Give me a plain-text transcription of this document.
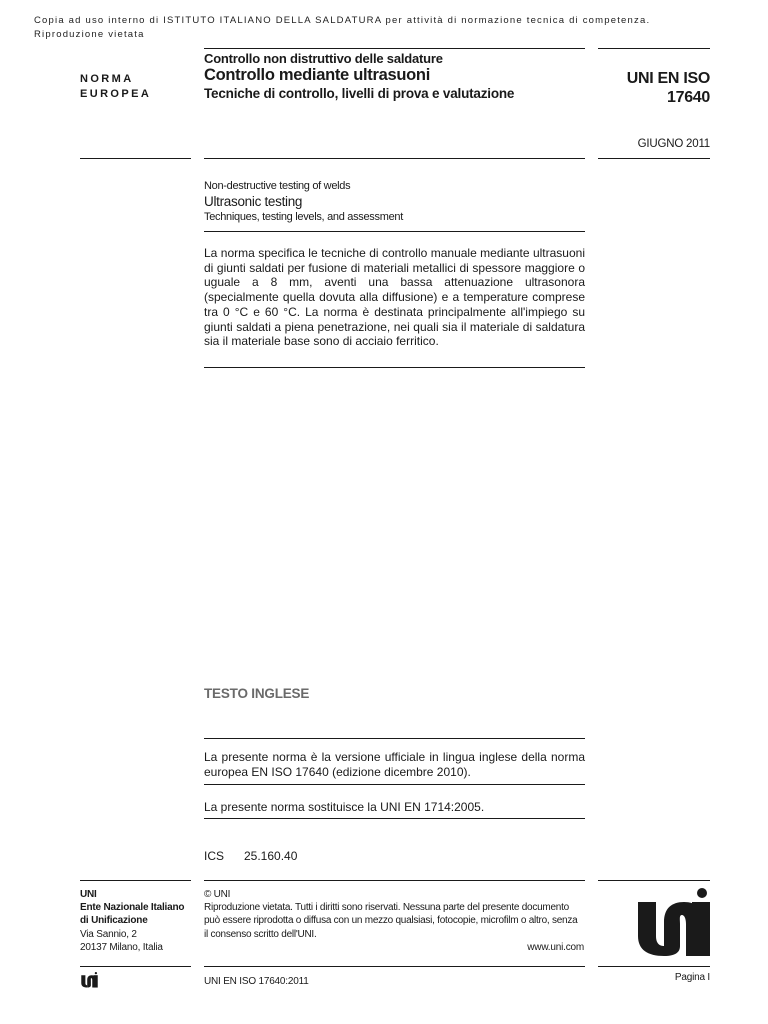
Copia ad uso interno di ISTITUTO ITALIANO DELLA SALDATURA per attività di normazione tecnica di competenza.
Riproduzione vietata
NORMA
EUROPEA
Controllo non distruttivo delle saldature
Controllo mediante ultrasuoni
Tecniche di controllo, livelli di prova e valutazione
UNI EN ISO
17640
GIUGNO 2011
Non-destructive testing of welds
Ultrasonic testing
Techniques, testing levels, and assessment
La norma specifica le tecniche di controllo manuale mediante ultrasuoni di giunti saldati per fusione di materiali metallici di spessore maggiore o uguale a 8 mm, aventi una bassa attenuazione ultrasonora (specialmente quella dovuta alla diffusione) e a temperature comprese tra 0 °C e 60 °C. La norma è destinata principalmente all'impiego su giunti saldati a piena penetrazione, nei quali sia il materiale di saldatura sia il materiale base sono di acciaio ferritico.
TESTO INGLESE
La presente norma è la versione ufficiale in lingua inglese della norma europea EN ISO 17640 (edizione dicembre 2010).
La presente norma sostituisce la UNI EN 1714:2005.
ICS 25.160.40
UNI
Ente Nazionale Italiano
di Unificazione
Via Sannio, 2
20137 Milano, Italia
© UNI
Riproduzione vietata. Tutti i diritti sono riservati. Nessuna parte del presente documento
può essere riprodotta o diffusa con un mezzo qualsiasi, fotocopie, microfilm o altro, senza
il consenso scritto dell'UNI.
www.uni.com
UNI EN ISO 17640:2011	Pagina I
